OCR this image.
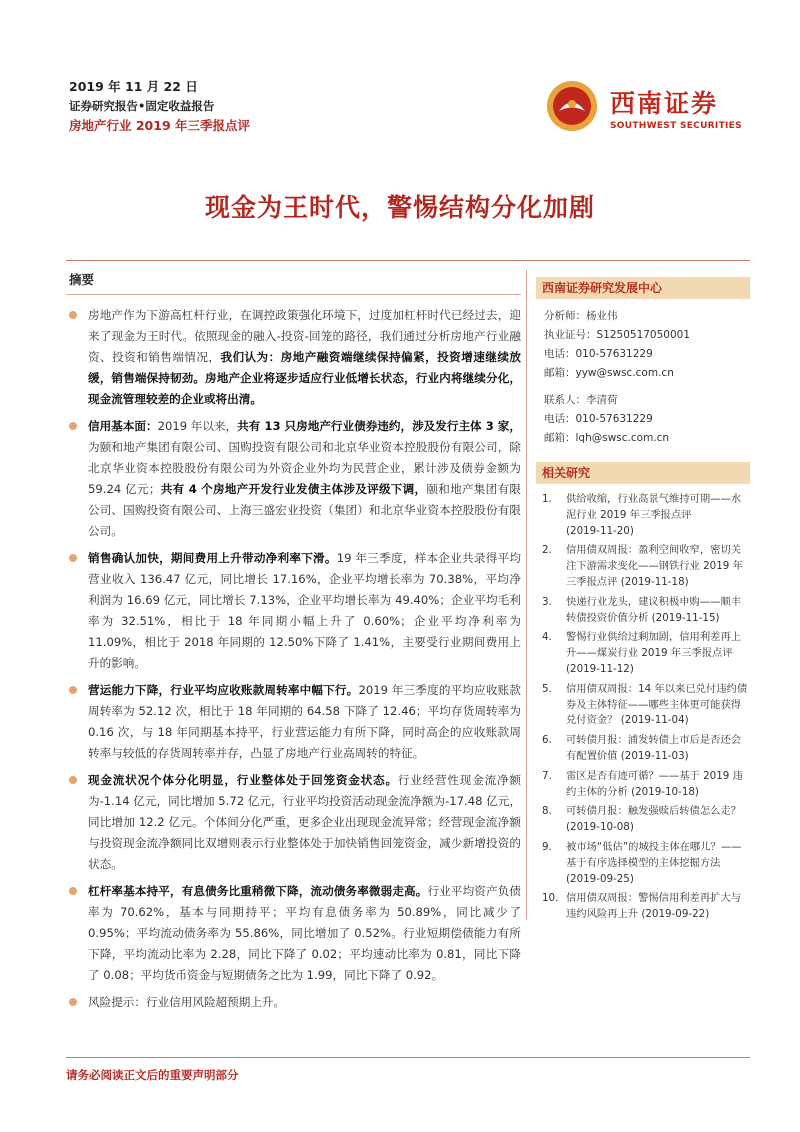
2019 年 11 月 22 日
证券研究报告•固定收益报告
房地产行业 2019 年三季报点评
西南证券
SOUTHWEST SECURITIES
现金为王时代，警惕结构分化加剧
摘要
房地产作为下游高杠杆行业，在调控政策强化环境下，过度加杠杆时代已经过去，迎来了现金为王时代。依照现金的融入-投资-回笼的路径，我们通过分析房地产行业融资、投资和销售端情况，我们认为：房地产融资端继续保持偏紧，投资增速继续放缓，销售端保持韧劲。房地产企业将逐步适应行业低增长状态，行业内将继续分化，现金流管理较差的企业或将出清。
信用基本面：2019 年以来，共有 13 只房地产行业债券违约，涉及发行主体 3 家，为颐和地产集团有限公司、国购投资有限公司和北京华业资本控股股份有限公司，除北京华业资本控股股份有限公司为外资企业外均为民营企业，累计涉及债券金额为 59.24 亿元；共有 4 个房地产开发行业发债主体涉及评级下调，颐和地产集团有限公司、国购投资有限公司、上海三盛宏业投资（集团）和北京华业资本控股股份有限公司。
销售确认加快，期间费用上升带动净利率下滑。19 年三季度，样本企业共录得平均营业收入 136.47 亿元，同比增长 17.16%，企业平均增长率为 70.38%，平均净利润为 16.69 亿元，同比增长 7.13%，企业平均增长率为 49.40%；企业平均毛利率为 32.51%，相比于 18 年同期小幅上升了 0.60%；企业平均净利率为 11.09%，相比于 2018 年同期的 12.50%下降了 1.41%，主要受行业期间费用上升的影响。
营运能力下降，行业平均应收账款周转率中幅下行。2019 年三季度的平均应收账款周转率为 52.12 次，相比于 18 年同期的 64.58 下降了 12.46；平均存货周转率为 0.16 次，与 18 年同期基本持平，行业营运能力有所下降，同时高企的应收账款周转率与较低的存货周转率并存，凸显了房地产行业高周转的特征。
现金流状况个体分化明显，行业整体处于回笼资金状态。行业经营性现金流净额为-1.14 亿元，同比增加 5.72 亿元，行业平均投资活动现金流净额为-17.48 亿元，同比增加 12.2 亿元。个体间分化严重，更多企业出现现金流异常；经营现金流净额与投资现金流净额同比双增则表示行业整体处于加快销售回笼资金，减少新增投资的状态。
杠杆率基本持平，有息债务比重稍微下降，流动债务率微弱走高。行业平均资产负债率为 70.62%，基本与同期持平；平均有息债务率为 50.89%，同比减少了 0.95%；平均流动债务率为 55.86%，同比增加了 0.52%。行业短期偿债能力有所下降，平均流动比率为 2.28，同比下降了 0.02；平均速动比率为 0.81，同比下降了 0.08；平均货币资金与短期债务之比为 1.99，同比下降了 0.92。
风险提示：行业信用风险超预期上升。
西南证券研究发展中心
分析师：杨业伟
执业证号：S1250517050001
电话：010-57631229
邮箱：yyw@swsc.com.cn
联系人：李清荷
电话：010-57631229
邮箱：lqh@swsc.com.cn
相关研究
1.	供给收缩，行业高景气维持可期——水泥行业 2019 年三季报点评 (2019-11-20)
2.	信用债双周报：盈利空间收窄，密切关注下游需求变化——钢铁行业 2019 年三季报点评 (2019-11-18)
3.	快递行业龙头，建议积极申购——顺丰转债投资价值分析 (2019-11-15)
4.	警惕行业供给过剩加剧，信用利差再上升——煤炭行业 2019 年三季报点评 (2019-11-12)
5.	信用债双周报：14 年以来已兑付违约债券及主体特征——哪些主体更可能获得兑付资金？ (2019-11-04)
6.	可转债月报：浦发转债上市后是否还会有配置价值 (2019-11-03)
7.	雷区是否有迹可循？——基于 2019 违约主体的分析 (2019-10-18)
8.	可转债月报：触发强赎后转债怎么走？ (2019-10-08)
9.	被市场“低估”的城投主体在哪儿？——基于有序选择模型的主体挖掘方法 (2019-09-25)
10. 信用债双周报：警惕信用利差再扩大与违约风险再上升 (2019-09-22)
请务必阅读正文后的重要声明部分
